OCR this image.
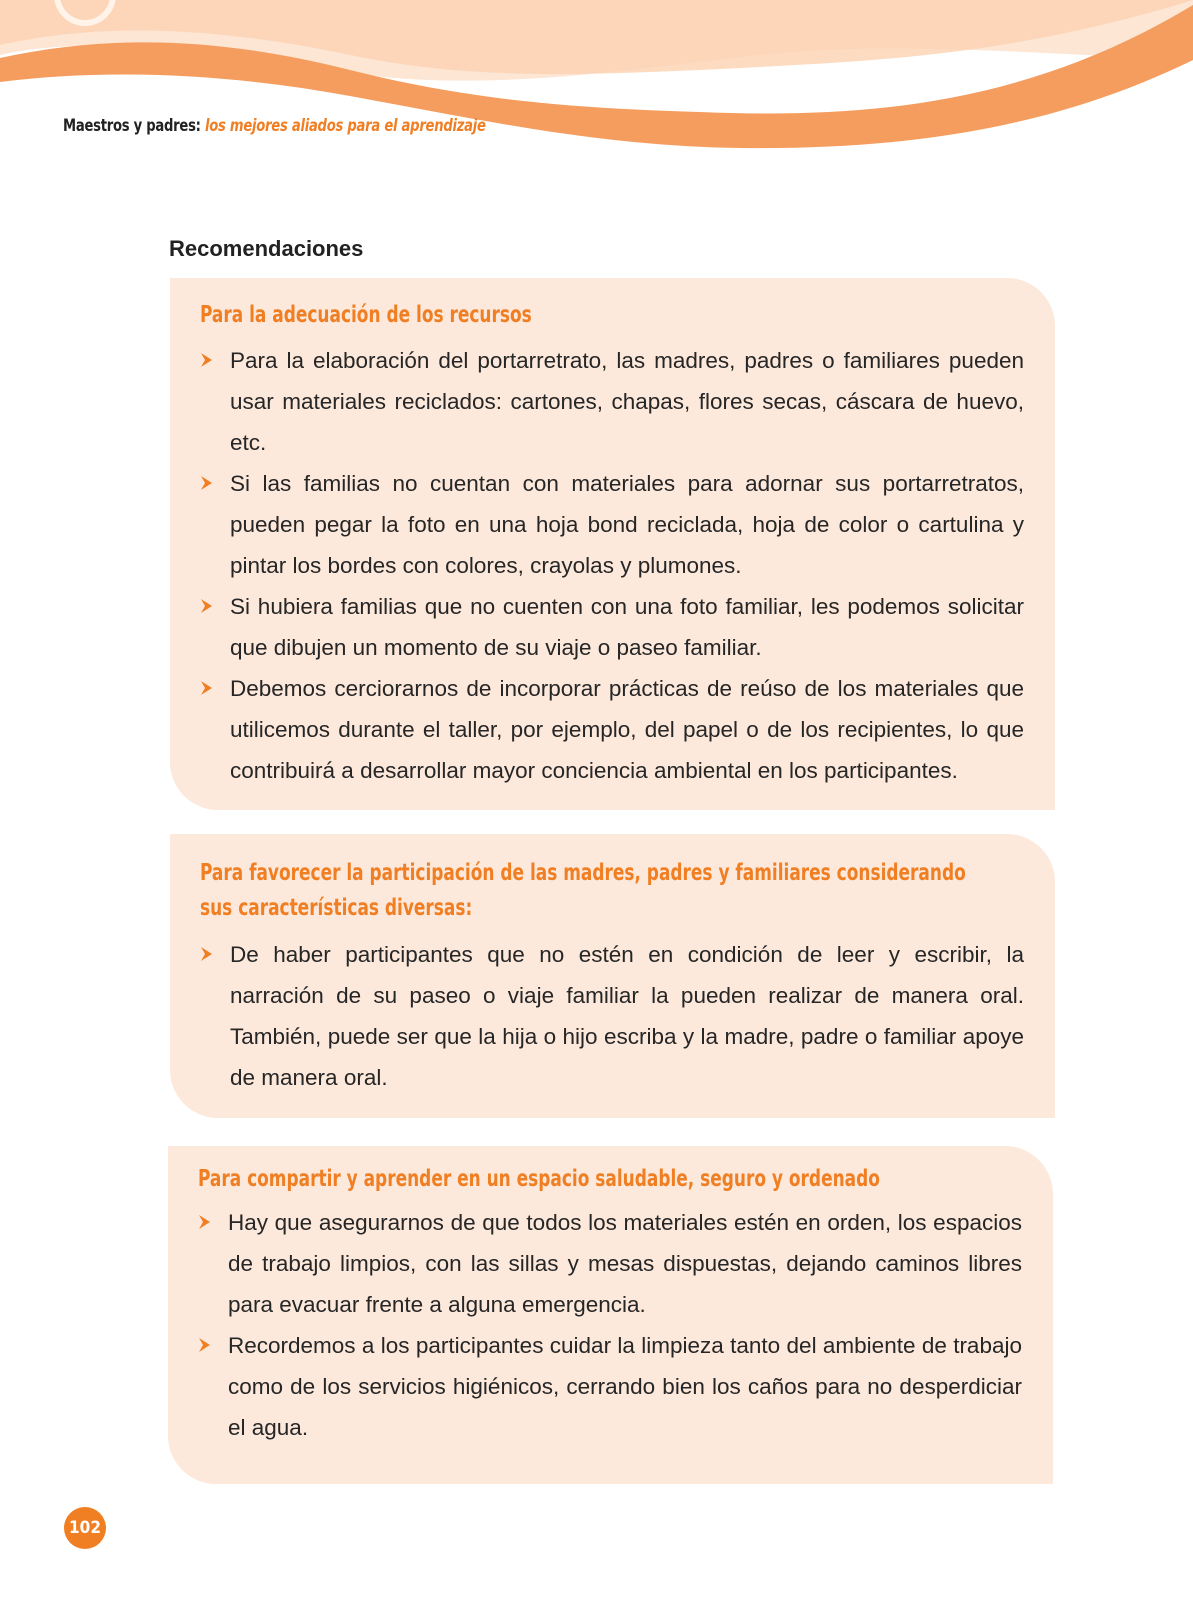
Maestros y padres: los mejores aliados para el aprendizaje
Recomendaciones
Para la adecuación de los recursos
Para la elaboración del portarretrato, las madres, padres o familiares pueden usar materiales reciclados: cartones, chapas, flores secas, cáscara de huevo, etc.
Si las familias no cuentan con materiales para adornar sus portarretratos, pueden pegar la foto en una hoja bond reciclada, hoja de color o cartulina y pintar los bordes con colores, crayolas y plumones.
Si hubiera familias que no cuenten con una foto familiar, les podemos solicitar que dibujen un momento de su viaje o paseo familiar.
Debemos cerciorarnos de incorporar prácticas de reúso de los materiales que utilicemos durante el taller, por ejemplo, del papel o de los recipientes, lo que contribuirá a desarrollar mayor conciencia ambiental en los participantes.
Para favorecer la participación de las madres, padres y familiares considerando
sus características diversas:
De haber participantes que no estén en condición de leer y escribir, la narración de su paseo o viaje familiar la pueden realizar de manera oral. También, puede ser que la hija o hijo escriba y la madre, padre o familiar apoye de manera oral.
Para compartir y aprender en un espacio saludable, seguro y ordenado
Hay que asegurarnos de que todos los materiales estén en orden, los espacios de trabajo limpios, con las sillas y mesas dispuestas, dejando caminos libres para evacuar frente a alguna emergencia.
Recordemos a los participantes cuidar la limpieza tanto del ambiente de trabajo como de los servicios higiénicos, cerrando bien los caños para no desperdiciar el agua.
102
